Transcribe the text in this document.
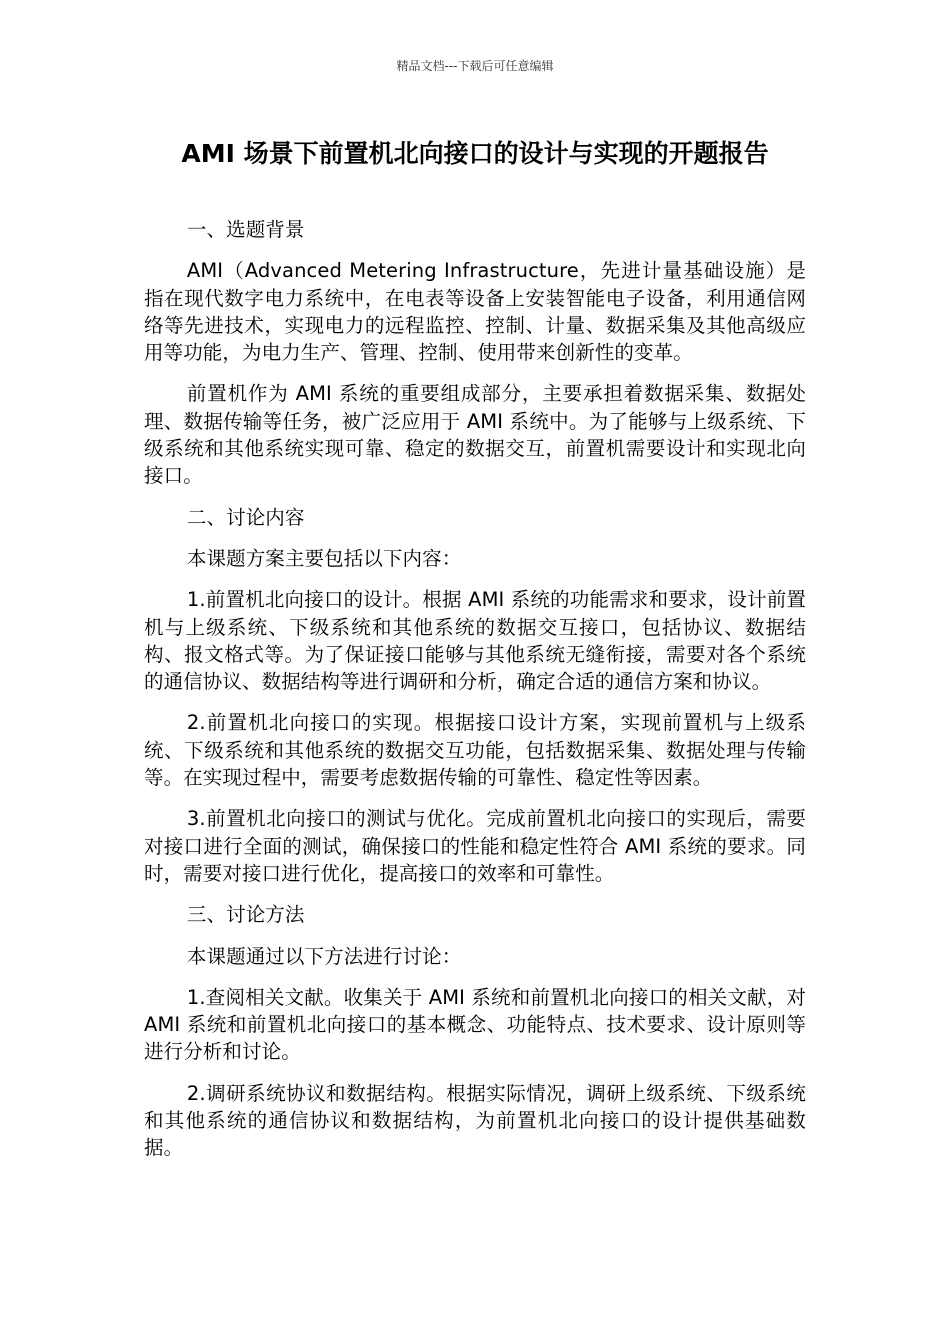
精品文档---下载后可任意编辑
AMI 场景下前置机北向接口的设计与实现的开题报告

一、选题背景

AMI（Advanced Metering Infrastructure，先进计量基础设施）是指在现代数字电力系统中，在电表等设备上安装智能电子设备，利用通信网络等先进技术，实现电力的远程监控、控制、计量、数据采集及其他高级应用等功能，为电力生产、管理、控制、使用带来创新性的变革。

前置机作为 AMI 系统的重要组成部分，主要承担着数据采集、数据处理、数据传输等任务，被广泛应用于 AMI 系统中。为了能够与上级系统、下级系统和其他系统实现可靠、稳定的数据交互，前置机需要设计和实现北向接口。

二、讨论内容

本课题方案主要包括以下内容：

1.前置机北向接口的设计。根据 AMI 系统的功能需求和要求，设计前置机与上级系统、下级系统和其他系统的数据交互接口，包括协议、数据结构、报文格式等。为了保证接口能够与其他系统无缝衔接，需要对各个系统的通信协议、数据结构等进行调研和分析，确定合适的通信方案和协议。

2.前置机北向接口的实现。根据接口设计方案，实现前置机与上级系统、下级系统和其他系统的数据交互功能，包括数据采集、数据处理与传输等。在实现过程中，需要考虑数据传输的可靠性、稳定性等因素。

3.前置机北向接口的测试与优化。完成前置机北向接口的实现后，需要对接口进行全面的测试，确保接口的性能和稳定性符合 AMI 系统的要求。同时，需要对接口进行优化，提高接口的效率和可靠性。

三、讨论方法

本课题通过以下方法进行讨论：

1.查阅相关文献。收集关于 AMI 系统和前置机北向接口的相关文献，对 AMI 系统和前置机北向接口的基本概念、功能特点、技术要求、设计原则等进行分析和讨论。

2.调研系统协议和数据结构。根据实际情况，调研上级系统、下级系统和其他系统的通信协议和数据结构，为前置机北向接口的设计提供基础数据。
